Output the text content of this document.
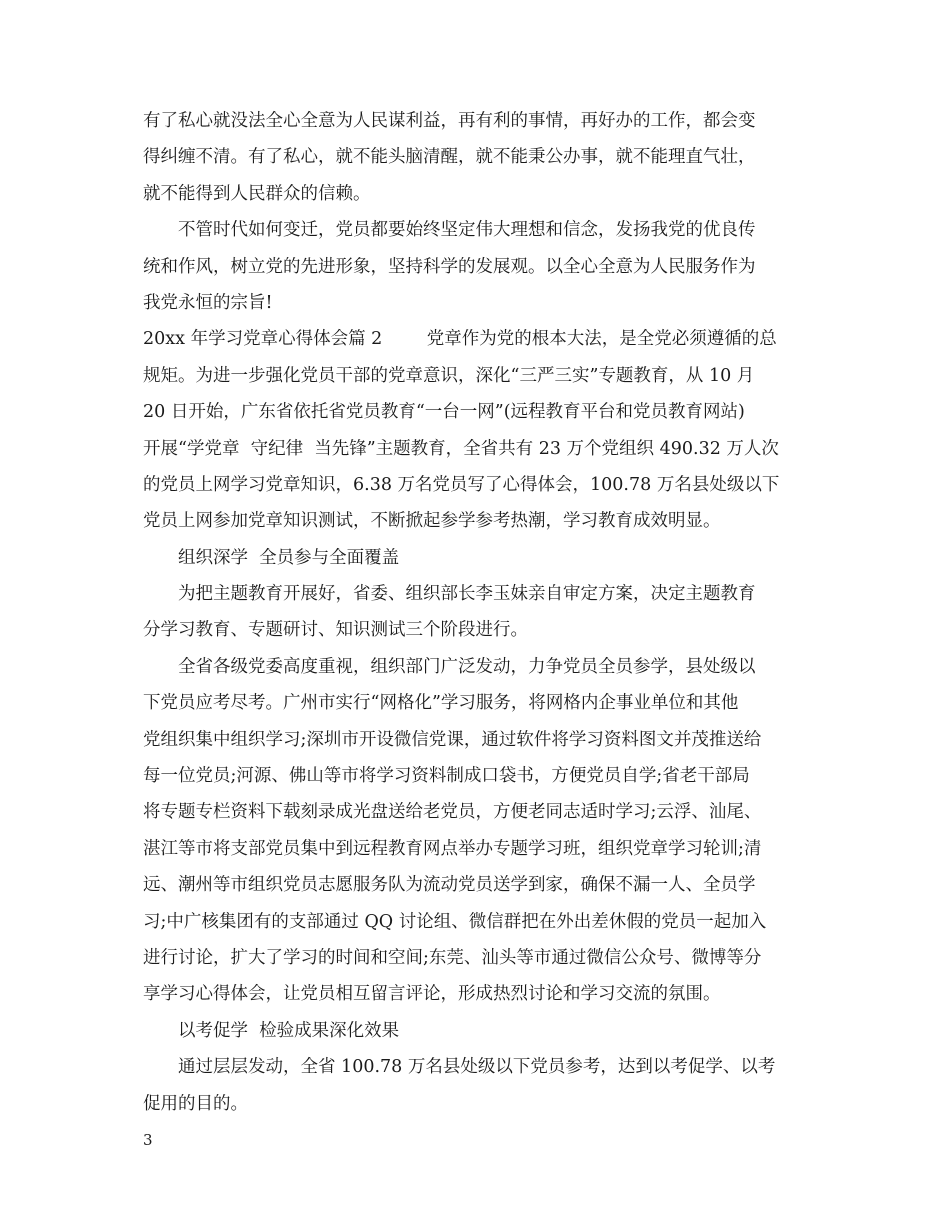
有了私心就没法全心全意为人民谋利益，再有利的事情，再好办的工作，都会变
得纠缠不清。有了私心，就不能头脑清醒，就不能秉公办事，就不能理直气壮，
就不能得到人民群众的信赖。
不管时代如何变迁，党员都要始终坚定伟大理想和信念，发扬我党的优良传
统和作风，树立党的先进形象，坚持科学的发展观。以全心全意为人民服务作为
我党永恒的宗旨!
20xx 年学习党章心得体会篇 2        党章作为党的根本大法，是全党必须遵循的总
规矩。为进一步强化党员干部的党章意识，深化“三严三实”专题教育，从 10 月
20 日开始，广东省依托省党员教育“一台一网”(远程教育平台和党员教育网站)
开展“学党章  守纪律  当先锋”主题教育，全省共有 23 万个党组织 490.32 万人次
的党员上网学习党章知识，6.38 万名党员写了心得体会，100.78 万名县处级以下
党员上网参加党章知识测试，不断掀起参学参考热潮，学习教育成效明显。
组织深学  全员参与全面覆盖
为把主题教育开展好，省委、组织部长李玉妹亲自审定方案，决定主题教育
分学习教育、专题研讨、知识测试三个阶段进行。
全省各级党委高度重视，组织部门广泛发动，力争党员全员参学，县处级以
下党员应考尽考。广州市实行“网格化”学习服务，将网格内企事业单位和其他
党组织集中组织学习;深圳市开设微信党课，通过软件将学习资料图文并茂推送给
每一位党员;河源、佛山等市将学习资料制成口袋书，方便党员自学;省老干部局
将专题专栏资料下载刻录成光盘送给老党员，方便老同志适时学习;云浮、汕尾、
湛江等市将支部党员集中到远程教育网点举办专题学习班，组织党章学习轮训;清
远、潮州等市组织党员志愿服务队为流动党员送学到家，确保不漏一人、全员学
习;中广核集团有的支部通过 QQ 讨论组、微信群把在外出差休假的党员一起加入
进行讨论，扩大了学习的时间和空间;东莞、汕头等市通过微信公众号、微博等分
享学习心得体会，让党员相互留言评论，形成热烈讨论和学习交流的氛围。
以考促学  检验成果深化效果
通过层层发动，全省 100.78 万名县处级以下党员参考，达到以考促学、以考
促用的目的。
3
